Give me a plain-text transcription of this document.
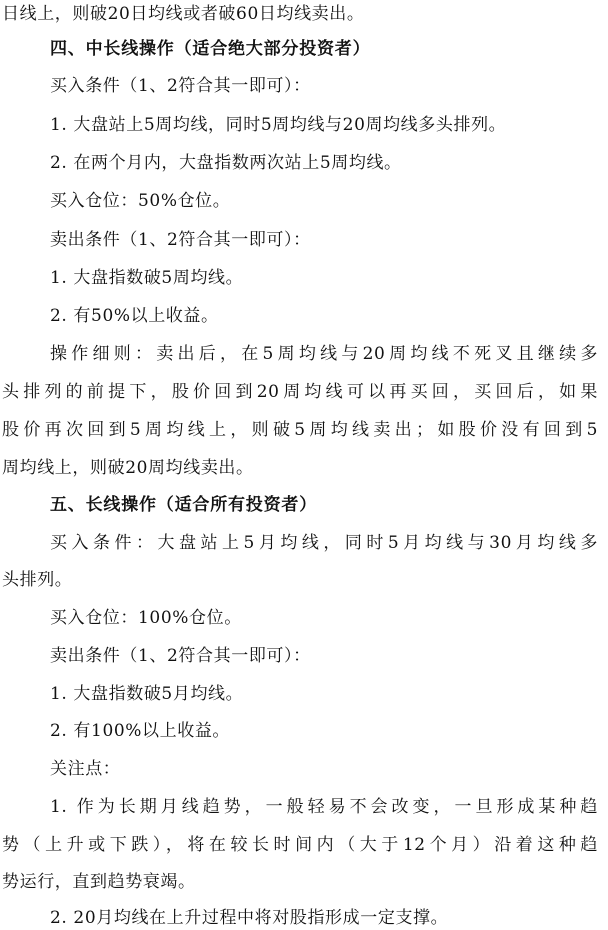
日线上，则破20日均线或者破60日均线卖出。
四、中长线操作（适合绝大部分投资者）
买入条件（1、2符合其一即可）：
1. 大盘站上5周均线，同时5周均线与20周均线多头排列。
2. 在两个月内，大盘指数两次站上5周均线。
买入仓位：50%仓位。
卖出条件（1、2符合其一即可）：
1. 大盘指数破5周均线。
2. 有50%以上收益。
操作细则：卖出后，在5周均线与20周均线不死叉且继续多
头排列的前提下，股价回到20周均线可以再买回，买回后，如果
股价再次回到5周均线上，则破5周均线卖出；如股价没有回到5
周均线上，则破20周均线卖出。
五、长线操作（适合所有投资者）
买入条件：大盘站上5月均线，同时5月均线与30月均线多
头排列。
买入仓位：100%仓位。
卖出条件（1、2符合其一即可）：
1. 大盘指数破5月均线。
2. 有100%以上收益。
关注点：
1. 作为长期月线趋势，一般轻易不会改变，一旦形成某种趋
势（上升或下跌），将在较长时间内（大于12个月）沿着这种趋
势运行，直到趋势衰竭。
2. 20月均线在上升过程中将对股指形成一定支撑。
